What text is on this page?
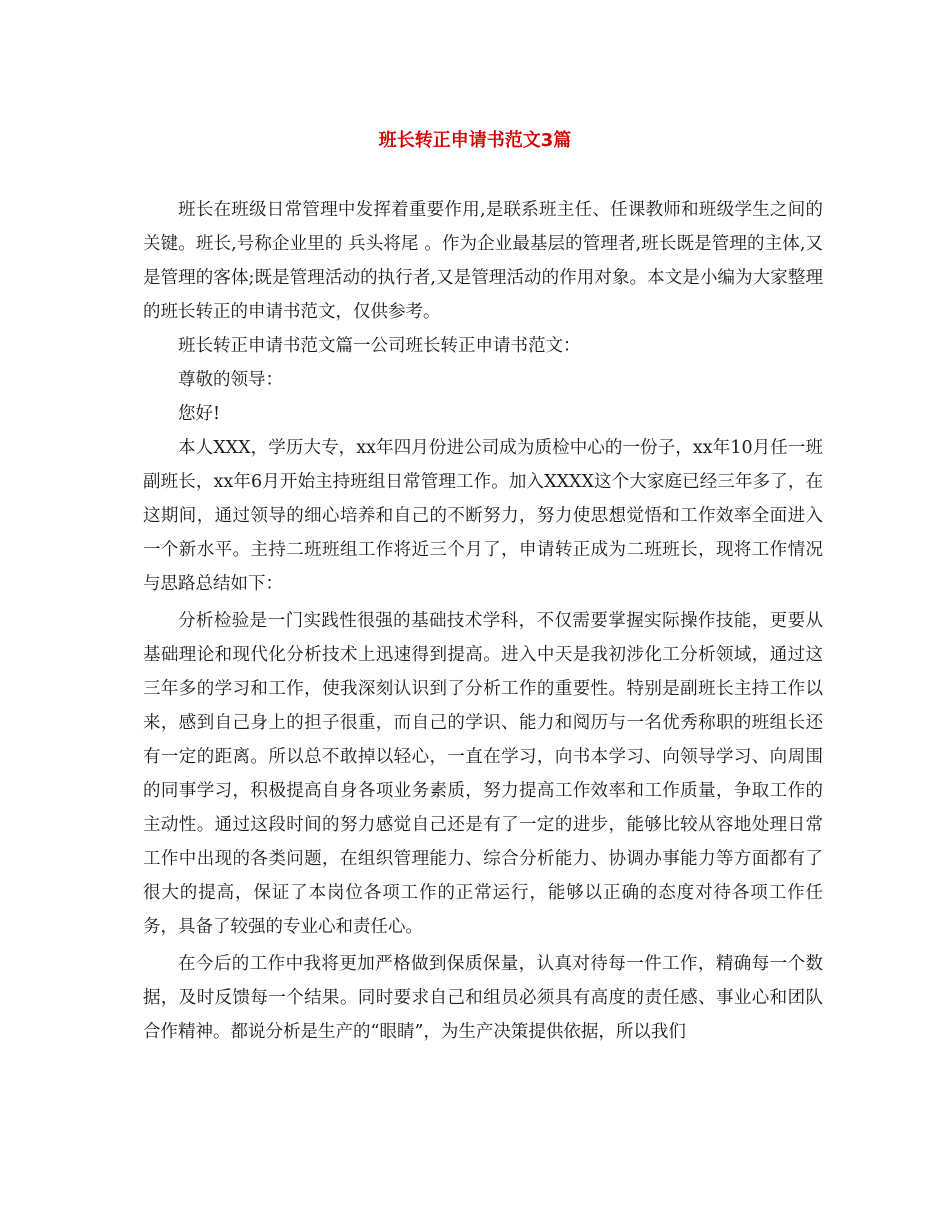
班长转正申请书范文3篇

班长在班级日常管理中发挥着重要作用,是联系班主任、任课教师和班级学生之间的关键。班长,号称企业里的 兵头将尾 。作为企业最基层的管理者,班长既是管理的主体,又是管理的客体;既是管理活动的执行者,又是管理活动的作用对象。本文是小编为大家整理的班长转正的申请书范文，仅供参考。

班长转正申请书范文篇一公司班长转正申请书范文：

尊敬的领导：

您好!

本人XXX，学历大专，xx年四月份进公司成为质检中心的一份子，xx年10月任一班副班长，xx年6月开始主持班组日常管理工作。加入XXXX这个大家庭已经三年多了，在这期间，通过领导的细心培养和自己的不断努力，努力使思想觉悟和工作效率全面进入一个新水平。主持二班班组工作将近三个月了，申请转正成为二班班长，现将工作情况与思路总结如下：

分析检验是一门实践性很强的基础技术学科，不仅需要掌握实际操作技能，更要从基础理论和现代化分析技术上迅速得到提高。进入中天是我初涉化工分析领域，通过这三年多的学习和工作，使我深刻认识到了分析工作的重要性。特别是副班长主持工作以来，感到自己身上的担子很重，而自己的学识、能力和阅历与一名优秀称职的班组长还有一定的距离。所以总不敢掉以轻心，一直在学习，向书本学习、向领导学习、向周围的同事学习，积极提高自身各项业务素质，努力提高工作效率和工作质量，争取工作的主动性。通过这段时间的努力感觉自己还是有了一定的进步，能够比较从容地处理日常工作中出现的各类问题，在组织管理能力、综合分析能力、协调办事能力等方面都有了很大的提高，保证了本岗位各项工作的正常运行，能够以正确的态度对待各项工作任务，具备了较强的专业心和责任心。

在今后的工作中我将更加严格做到保质保量，认真对待每一件工作，精确每一个数据，及时反馈每一个结果。同时要求自己和组员必须具有高度的责任感、事业心和团队合作精神。都说分析是生产的“眼睛”，为生产决策提供依据，所以我们
